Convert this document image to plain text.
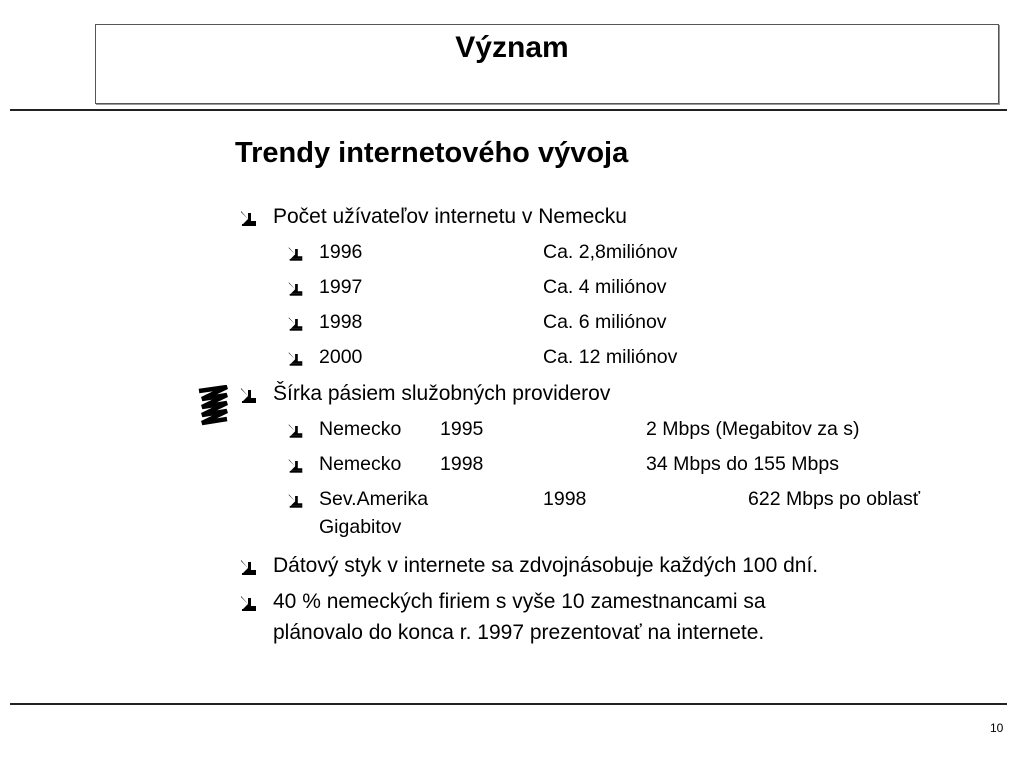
Význam
Trendy internetového vývoja
Počet užívateľov internetu v Nemecku
1996	Ca. 2,8miliónov
1997	Ca. 4 miliónov
1998	Ca. 6 miliónov
2000	Ca. 12 miliónov
Šírka pásiem služobných providerov
Nemecko 1995	2 Mbps (Megabitov za s)
Nemecko 1998	34 Mbps do 155 Mbps
Sev.Amerika	1998	622 Mbps po oblasť
Gigabitov
Dátový styk v internete sa zdvojnásobuje každých 100 dní.
40 % nemeckých firiem s vyše 10 zamestnancami sa
plánovalo do konca r. 1997 prezentovať na internete.
10
